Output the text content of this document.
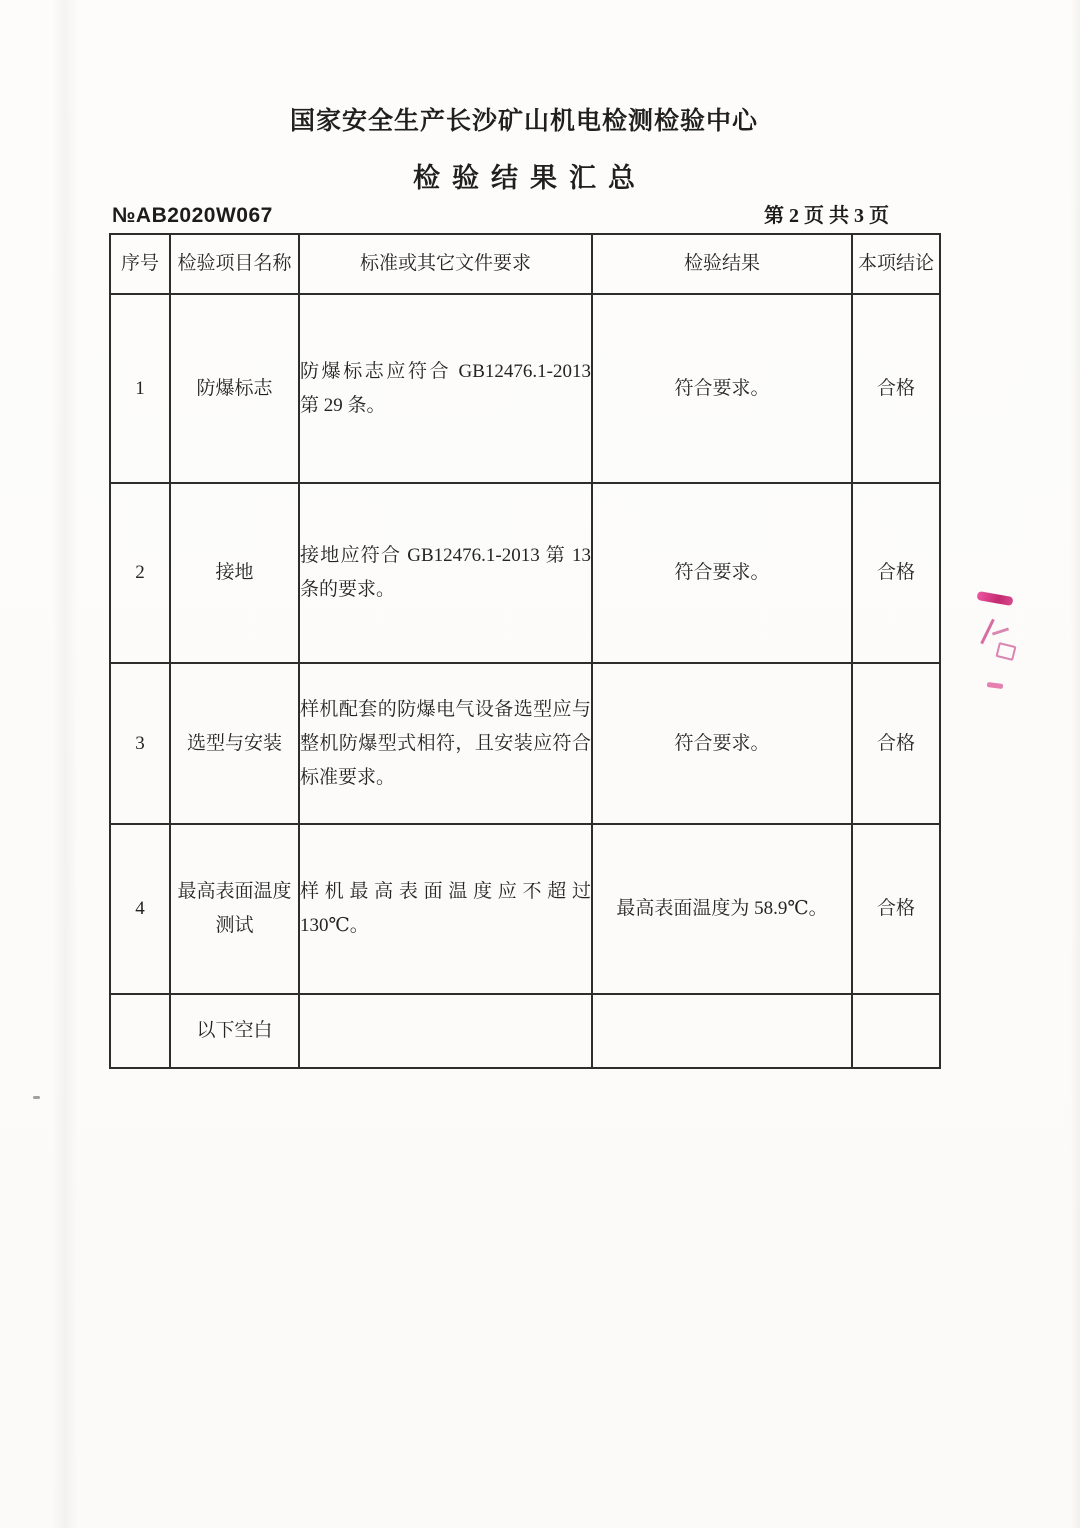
国家安全生产长沙矿山机电检测检验中心
检验结果汇总
№AB2020W067	第 2 页 共 3 页
序号	检验项目名称	标准或其它文件要求	检验结果	本项结论
1	防爆标志	防爆标志应符合 GB12476.1-2013 第 29 条。	符合要求。	合格
2	接地	接地应符合 GB12476.1-2013 第 13 条的要求。	符合要求。	合格
3	选型与安装	样机配套的防爆电气设备选型应与整机防爆型式相符，且安装应符合标准要求。	符合要求。	合格
4	最高表面温度测试	样机最高表面温度应不超过 130℃。	最高表面温度为 58.9℃。	合格
	以下空白			
